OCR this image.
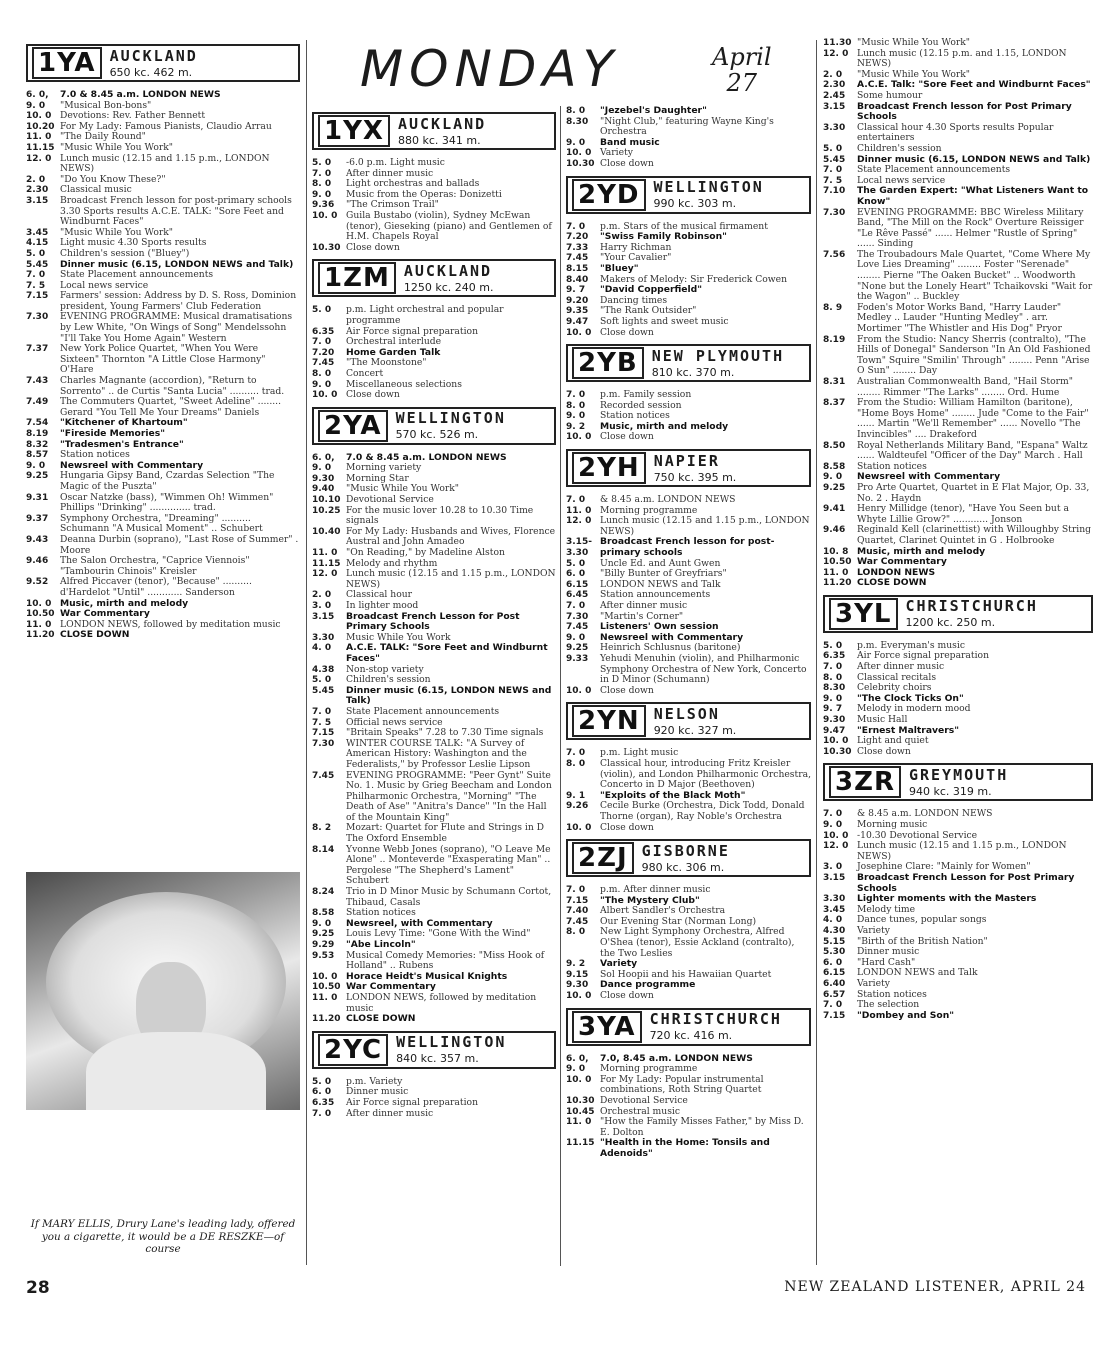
MONDAY	April
27
1YA AUCKLAND
650 kc. 462 m.
6. 0,	7.0 & 8.45 a.m. LONDON NEWS
9. 0	"Musical Bon-bons"
10. 0 Devotions: Rev. Father Bennett
10.20 For My Lady: Famous Pianists, Claudio Arrau
11. 0 "The Daily Round"
11.15 "Music While You Work"
12. 0 Lunch music (12.15 and 1.15 p.m., LONDON NEWS)
2. 0	"Do You Know These?"
2.30	Classical music
3.15	Broadcast French lesson for post-primary schools 3.30 Sports results A.C.E. TALK: "Sore Feet and Windburnt Faces"
3.45	"Music While You Work"
4.15	Light music 4.30 Sports results
5. 0	Children's session ("Bluey")
5.45	Dinner music (6.15, LONDON NEWS and Talk)
7. 0	State Placement announcements
7. 5	Local news service
7.15	Farmers' session: Address by D. S. Ross, Dominion president, Young Farmers' Club Federation
7.30	EVENING PROGRAMME: Musical dramatisations by Lew White, "On Wings of Song" Mendelssohn "I'll Take You Home Again" Western
7.37	New York Police Quartet, "When You Were Sixteen" Thornton "A Little Close Harmony" O'Hare
7.43	Charles Magnante (accordion), "Return to Sorrento" .. de Curtis "Santa Lucia" .......... trad.
7.49	The Commuters Quartet, "Sweet Adeline" ........ Gerard "You Tell Me Your Dreams" Daniels
7.54	"Kitchener of Khartoum"
8.19	"Fireside Memories"
8.32	"Tradesmen's Entrance"
8.57	Station notices
9. 0	Newsreel with Commentary
9.25	Hungaria Gipsy Band, Czardas Selection "The Magic of the Puszta"
9.31	Oscar Natzke (bass), "Wimmen Oh! Wimmen" Phillips "Drinking" .............. trad.
9.37	Symphony Orchestra, "Dreaming" .......... Schumann "A Musical Moment" .. Schubert
9.43	Deanna Durbin (soprano), "Last Rose of Summer" . Moore
9.46	The Salon Orchestra, "Caprice Viennois" "Tambourin Chinois" Kreisler
9.52	Alfred Piccaver (tenor), "Because" .......... d'Hardelot "Until" ............ Sanderson
10. 0 Music, mirth and melody
10.50 War Commentary
11. 0 LONDON NEWS, followed by meditation music
11.20 CLOSE DOWN
1YX AUCKLAND
880 kc. 341 m.
5. 0	-6.0 p.m. Light music
7. 0	After dinner music
8. 0	Light orchestras and ballads
9. 0	Music from the Operas: Donizetti
9.36	"The Crimson Trail"
10. 0 Guila Bustabo (violin), Sydney McEwan (tenor), Gieseking (piano) and Gentlemen of H.M. Chapels Royal
10.30 Close down
1ZM AUCKLAND
1250 kc. 240 m.
5. 0	p.m. Light orchestral and popular programme
6.35	Air Force signal preparation
7. 0	Orchestral interlude
7.20	Home Garden Talk
7.45	"The Moonstone"
8. 0	Concert
9. 0	Miscellaneous selections
10. 0 Close down
2YA WELLINGTON
570 kc. 526 m.
6. 0,	7.0 & 8.45 a.m. LONDON NEWS
9. 0	Morning variety
9.30	Morning Star
9.40	"Music While You Work"
10.10 Devotional Service
10.25 For the music lover 10.28 to 10.30 Time signals
10.40 For My Lady: Husbands and Wives, Florence Austral and John Amadeo
11. 0 "On Reading," by Madeline Alston
11.15 Melody and rhythm
12. 0 Lunch music (12.15 and 1.15 p.m., LONDON NEWS)
2. 0	Classical hour
3. 0	In lighter mood
3.15	Broadcast French Lesson for Post Primary Schools
3.30	Music While You Work
4. 0	A.C.E. TALK: "Sore Feet and Windburnt Faces"
4.38	Non-stop variety
5. 0	Children's session
5.45	Dinner music (6.15, LONDON NEWS and Talk)
7. 0	State Placement announcements
7. 5	Official news service
7.15	"Britain Speaks" 7.28 to 7.30 Time signals
7.30	WINTER COURSE TALK: "A Survey of American History: Washington and the Federalists," by Professor Leslie Lipson
7.45	EVENING PROGRAMME: "Peer Gynt" Suite No. 1. Music by Grieg Beecham and London Philharmonic Orchestra, "Morning" "The Death of Ase" "Anitra's Dance" "In the Hall of the Mountain King"
8. 2	Mozart: Quartet for Flute and Strings in D The Oxford Ensemble
8.14	Yvonne Webb Jones (soprano), "O Leave Me Alone" .. Monteverde "Exasperating Man" .. Pergolese "The Shepherd's Lament" Schubert
8.24	Trio in D Minor Music by Schumann Cortot, Thibaud, Casals
8.58	Station notices
9. 0	Newsreel, with Commentary
9.25	Louis Levy Time: "Gone With the Wind"
9.29	"Abe Lincoln"
9.53	Musical Comedy Memories: "Miss Hook of Holland" .. Rubens
10. 0 Horace Heidt's Musical Knights
10.50 War Commentary
11. 0 LONDON NEWS, followed by meditation music
11.20 CLOSE DOWN
2YC WELLINGTON
840 kc. 357 m.
5. 0	p.m. Variety
6. 0	Dinner music
6.35	Air Force signal preparation
7. 0	After dinner music
8. 0	"Jezebel's Daughter"
8.30	"Night Club," featuring Wayne King's Orchestra
9. 0	Band music
10. 0 Variety
10.30 Close down
2YD WELLINGTON
990 kc. 303 m.
7. 0	p.m. Stars of the musical firmament
7.20	"Swiss Family Robinson"
7.33	Harry Richman
7.45	"Your Cavalier"
8.15	"Bluey"
8.40	Makers of Melody: Sir Frederick Cowen
9. 7	"David Copperfield"
9.20	Dancing times
9.35	"The Rank Outsider"
9.47	Soft lights and sweet music
10. 0 Close down
2YB NEW PLYMOUTH
810 kc. 370 m.
7. 0	p.m. Family session
8. 0	Recorded session
9. 0	Station notices
9. 2	Music, mirth and melody
10. 0 Close down
2YH NAPIER
750 kc. 395 m.
7. 0	& 8.45 a.m. LONDON NEWS
11. 0 Morning programme
12. 0 Lunch music (12.15 and 1.15 p.m., LONDON NEWS)
3.15-3.30
Broadcast French lesson for post-primary schools
5. 0	Uncle Ed. and Aunt Gwen
6. 0	"Billy Bunter of Greyfriars"
6.15	LONDON NEWS and Talk
6.45	Station announcements
7. 0	After dinner music
7.30	"Martin's Corner"
7.45	Listeners' Own session
9. 0	Newsreel with Commentary
9.25	Heinrich Schlusnus (baritone)
9.33	Yehudi Menuhin (violin), and Philharmonic Symphony Orchestra of New York, Concerto in D Minor (Schumann)
10. 0 Close down
2YN NELSON
920 kc. 327 m.
7. 0	p.m. Light music
8. 0	Classical hour, introducing Fritz Kreisler (violin), and London Philharmonic Orchestra, Concerto in D Major (Beethoven)
9. 1	"Exploits of the Black Moth"
9.26	Cecile Burke (Orchestra, Dick Todd, Donald Thorne (organ), Ray Noble's Orchestra
10. 0 Close down
2ZJ GISBORNE
980 kc. 306 m.
7. 0	p.m. After dinner music
7.15	"The Mystery Club"
7.40	Albert Sandler's Orchestra
7.45	Our Evening Star (Norman Long)
8. 0	New Light Symphony Orchestra, Alfred O'Shea (tenor), Essie Ackland (contralto), the Two Leslies
9. 2	Variety
9.15	Sol Hoopii and his Hawaiian Quartet
9.30	Dance programme
10. 0 Close down
3YA CHRISTCHURCH
720 kc. 416 m.
6. 0,	7.0, 8.45 a.m. LONDON NEWS
9. 0	Morning programme
10. 0 For My Lady: Popular instrumental combinations, Roth String Quartet
10.30 Devotional Service
10.45 Orchestral music
11. 0 "How the Family Misses Father," by Miss D. E. Dolton
11.15 "Health in the Home: Tonsils and Adenoids"
11.30 "Music While You Work"
12. 0 Lunch music (12.15 p.m. and 1.15, LONDON NEWS)
2. 0	"Music While You Work"
2.30	A.C.E. Talk: "Sore Feet and Windburnt Faces"
2.45	Some humour
3.15	Broadcast French lesson for Post Primary Schools
3.30	Classical hour 4.30 Sports results Popular entertainers
5. 0	Children's session
5.45	Dinner music (6.15, LONDON NEWS and Talk)
7. 0	State Placement announcements
7. 5	Local news service
7.10	The Garden Expert: "What Listeners Want to Know"
7.30	EVENING PROGRAMME: BBC Wireless Military Band, "The Mill on the Rock" Overture Reissiger "Le Rêve Passé" ...... Helmer "Rustle of Spring" ...... Sinding
7.56	The Troubadours Male Quartet, "Come Where My Love Lies Dreaming" ........ Foster "Serenade" ........ Pierne "The Oaken Bucket" .. Woodworth "None but the Lonely Heart" Tchaikovski "Wait for the Wagon" .. Buckley
8. 9	Foden's Motor Works Band, "Harry Lauder" Medley .. Lauder "Hunting Medley" . arr. Mortimer "The Whistler and His Dog" Pryor
8.19	From the Studio: Nancy Sherris (contralto), "The Hills of Donegal" Sanderson "In An Old Fashioned Town" Squire "Smilin' Through" ........ Penn "Arise O Sun" ........ Day
8.31	Australian Commonwealth Band, "Hail Storm" ........ Rimmer "The Larks" ........ Ord. Hume
8.37	From the Studio: William Hamilton (baritone), "Home Boys Home" ........ Jude "Come to the Fair" ...... Martin "We'll Remember" ...... Novello "The Invincibles" .... Drakeford
8.50	Royal Netherlands Military Band, "Espana" Waltz ...... Waldteufel "Officer of the Day" March . Hall
8.58	Station notices
9. 0	Newsreel with Commentary
9.25	Pro Arte Quartet, Quartet in E Flat Major, Op. 33, No. 2 . Haydn
9.41	Henry Millidge (tenor), "Have You Seen but a Whyte Lillie Grow?" ............ Jonson
9.46	Reginald Kell (clarinettist) with Willoughby String Quartet, Clarinet Quintet in G . Holbrooke
10. 8 Music, mirth and melody
10.50 War Commentary
11. 0 LONDON NEWS
11.20 CLOSE DOWN
3YL CHRISTCHURCH
1200 kc. 250 m.
5. 0	p.m. Everyman's music
6.35	Air Force signal preparation
7. 0	After dinner music
8. 0	Classical recitals
8.30	Celebrity choirs
9. 0	"The Clock Ticks On"
9. 7	Melody in modern mood
9.30	Music Hall
9.47	"Ernest Maltravers"
10. 0 Light and quiet
10.30 Close down
3ZR GREYMOUTH
940 kc. 319 m.
7. 0	& 8.45 a.m. LONDON NEWS
9. 0	Morning music
10. 0 -10.30 Devotional Service
12. 0 Lunch music (12.15 and 1.15 p.m., LONDON NEWS)
3. 0	Josephine Clare: "Mainly for Women"
3.15	Broadcast French Lesson for Post Primary Schools
3.30	Lighter moments with the Masters
3.45	Melody time
4. 0	Dance tunes, popular songs
4.30	Variety
5.15	"Birth of the British Nation"
5.30	Dinner music
6. 0	"Hard Cash"
6.15	LONDON NEWS and Talk
6.40	Variety
6.57	Station notices
7. 0	The selection
7.15	"Dombey and Son"
If MARY ELLIS, Drury Lane's leading lady, offered you a cigarette, it would be a DE RESZKE—of course
28	NEW ZEALAND LISTENER, APRIL 24
